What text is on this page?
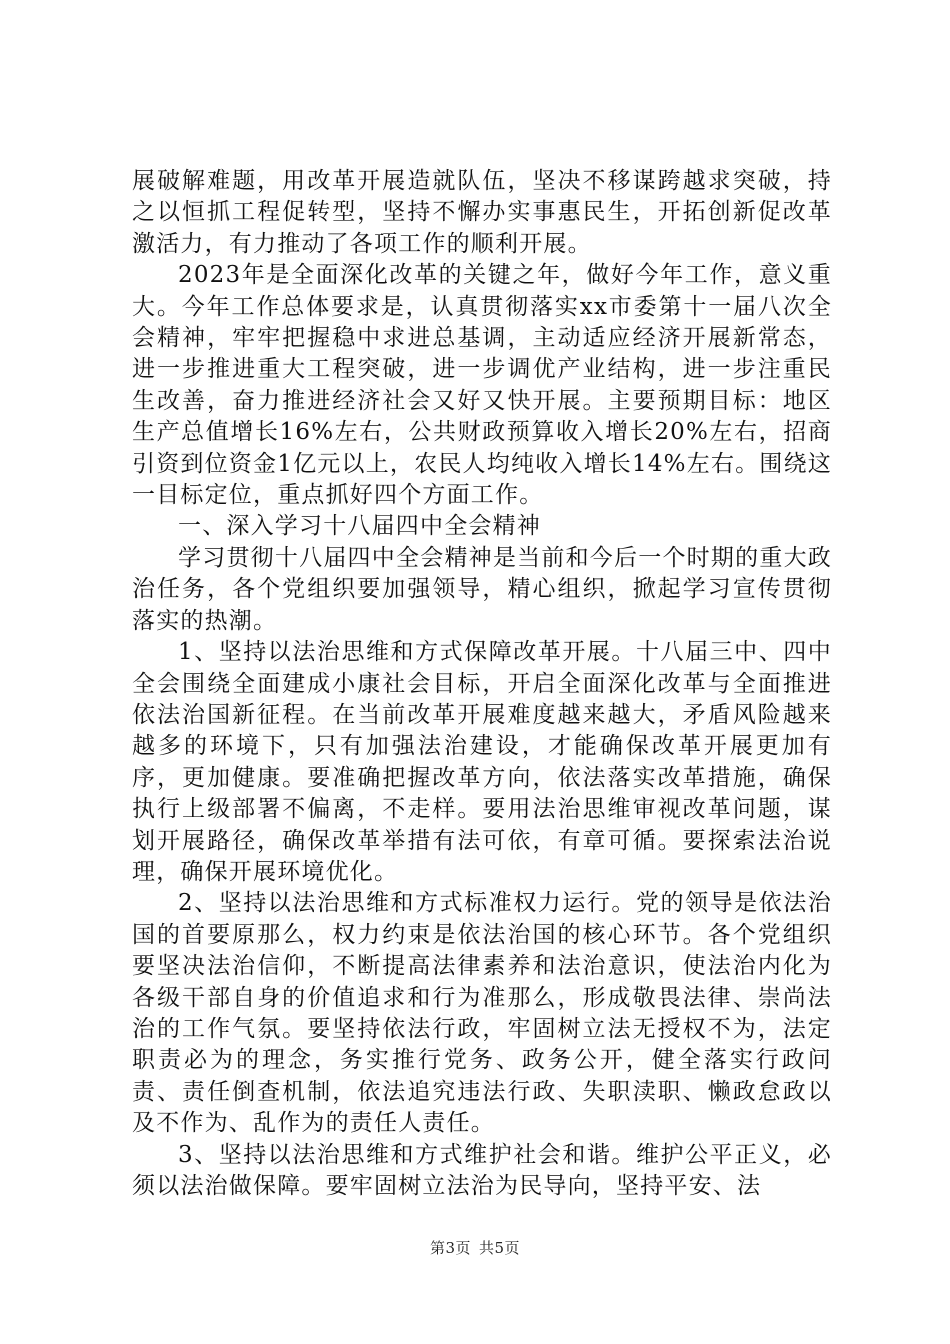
展破解难题，用改革开展造就队伍，坚决不移谋跨越求突破，持之以恒抓工程促转型，坚持不懈办实事惠民生，开拓创新促改革激活力，有力推动了各项工作的顺利开展。

2023年是全面深化改革的关键之年，做好今年工作，意义重大。今年工作总体要求是，认真贯彻落实xx市委第十一届八次全会精神，牢牢把握稳中求进总基调，主动适应经济开展新常态，进一步推进重大工程突破，进一步调优产业结构，进一步注重民生改善，奋力推进经济社会又好又快开展。主要预期目标：地区生产总值增长16%左右，公共财政预算收入增长20%左右，招商引资到位资金1亿元以上，农民人均纯收入增长14%左右。围绕这一目标定位，重点抓好四个方面工作。

一、深入学习十八届四中全会精神

学习贯彻十八届四中全会精神是当前和今后一个时期的重大政治任务，各个党组织要加强领导，精心组织，掀起学习宣传贯彻落实的热潮。

1、坚持以法治思维和方式保障改革开展。十八届三中、四中全会围绕全面建成小康社会目标，开启全面深化改革与全面推进依法治国新征程。在当前改革开展难度越来越大，矛盾风险越来越多的环境下，只有加强法治建设，才能确保改革开展更加有序，更加健康。要准确把握改革方向，依法落实改革措施，确保执行上级部署不偏离，不走样。要用法治思维审视改革问题，谋划开展路径，确保改革举措有法可依，有章可循。要探索法治说理，确保开展环境优化。

2、坚持以法治思维和方式标准权力运行。党的领导是依法治国的首要原那么，权力约束是依法治国的核心环节。各个党组织要坚决法治信仰，不断提高法律素养和法治意识，使法治内化为各级干部自身的价值追求和行为准那么，形成敬畏法律、崇尚法治的工作气氛。要坚持依法行政，牢固树立法无授权不为，法定职责必为的理念，务实推行党务、政务公开，健全落实行政问责、责任倒查机制，依法追究违法行政、失职渎职、懒政怠政以及不作为、乱作为的责任人责任。

3、坚持以法治思维和方式维护社会和谐。维护公平正义，必须以法治做保障。要牢固树立法治为民导向，坚持平安、法

第3页 共5页
